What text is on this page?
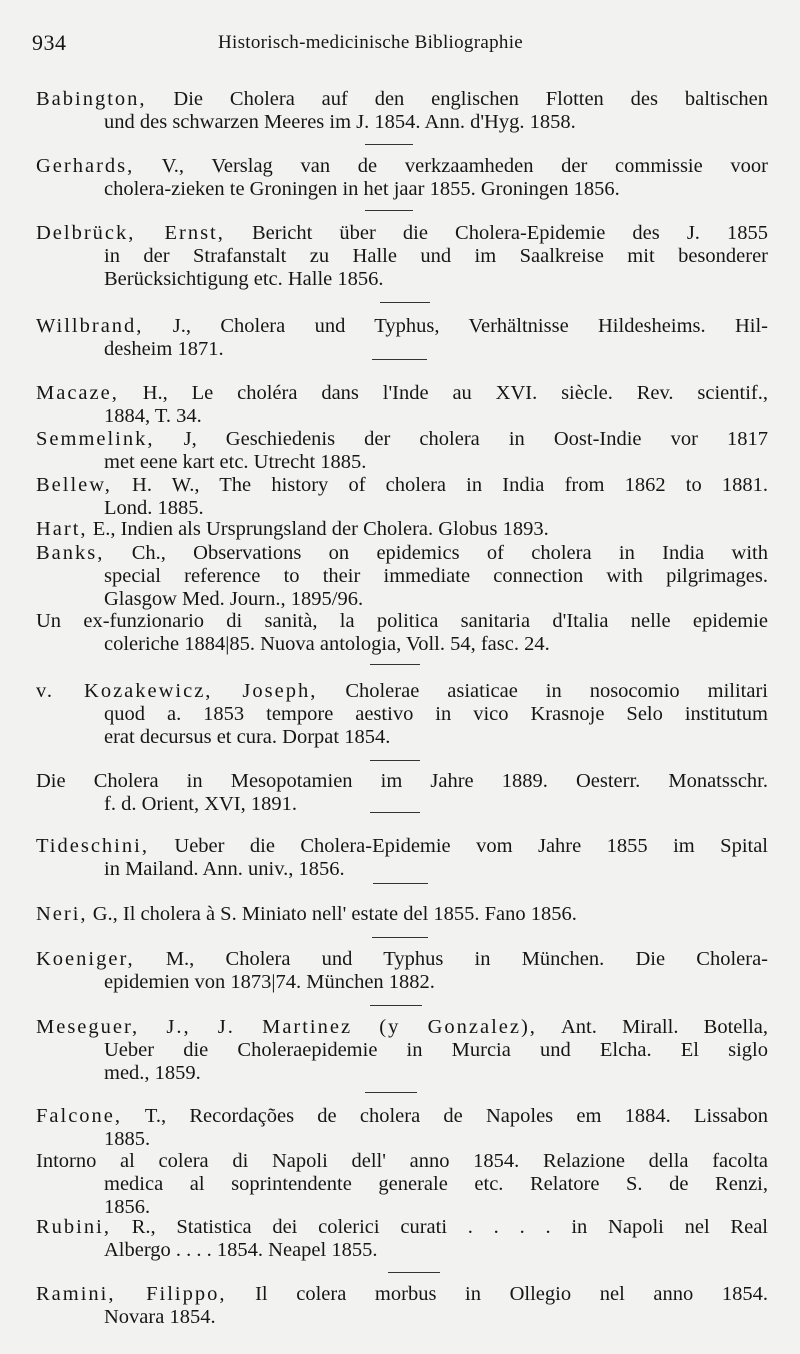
934	Historisch-medicinische Bibliographie
Babington, Die Cholera auf den englischen Flotten des baltischen
und des schwarzen Meeres im J. 1854. Ann. d'Hyg. 1858.
Gerhards, V., Verslag van de verkzaamheden der commissie voor
cholera-zieken te Groningen in het jaar 1855. Groningen 1856.
Delbrück, Ernst, Bericht über die Cholera-Epidemie des J. 1855
in der Strafanstalt zu Halle und im Saalkreise mit besonderer
Berücksichtigung etc. Halle 1856.
Willbrand, J., Cholera und Typhus, Verhältnisse Hildesheims. Hil-
desheim 1871.
Macaze, H., Le choléra dans l'Inde au XVI. siècle. Rev. scientif.,
1884, T. 34.
Semmelink, J, Geschiedenis der cholera in Oost-Indie vor 1817
met eene kart etc. Utrecht 1885.
Bellew, H. W., The history of cholera in India from 1862 to 1881.
Lond. 1885.
Hart, E., Indien als Ursprungsland der Cholera. Globus 1893.
Banks, Ch., Observations on epidemics of cholera in India with
special reference to their immediate connection with pilgrimages.
Glasgow Med. Journ., 1895/96.
Un ex-funzionario di sanità, la politica sanitaria d'Italia nelle epidemie
coleriche 1884|85. Nuova antologia, Voll. 54, fasc. 24.
v. Kozakewicz, Joseph, Cholerae asiaticae in nosocomio militari
quod a. 1853 tempore aestivo in vico Krasnoje Selo institutum
erat decursus et cura. Dorpat 1854.
Die Cholera in Mesopotamien im Jahre 1889. Oesterr. Monatsschr.
f. d. Orient, XVI, 1891.
Tideschini, Ueber die Cholera-Epidemie vom Jahre 1855 im Spital
in Mailand. Ann. univ., 1856.
Neri, G., Il cholera à S. Miniato nell' estate del 1855. Fano 1856.
Koeniger, M., Cholera und Typhus in München. Die Cholera-
epidemien von 1873|74. München 1882.
Meseguer, J., J. Martinez (y Gonzalez), Ant. Mirall. Botella,
Ueber die Choleraepidemie in Murcia und Elcha. El siglo
med., 1859.
Falcone, T., Recordações de cholera de Napoles em 1884. Lissabon
1885.
Intorno al colera di Napoli dell' anno 1854. Relazione della facolta
medica al soprintendente generale etc. Relatore S. de Renzi,
1856.
Rubini, R., Statistica dei colerici curati . . . . in Napoli nel Real
Albergo . . . . 1854. Neapel 1855.
Ramini, Filippo, Il colera morbus in Ollegio nel anno 1854.
Novara 1854.
